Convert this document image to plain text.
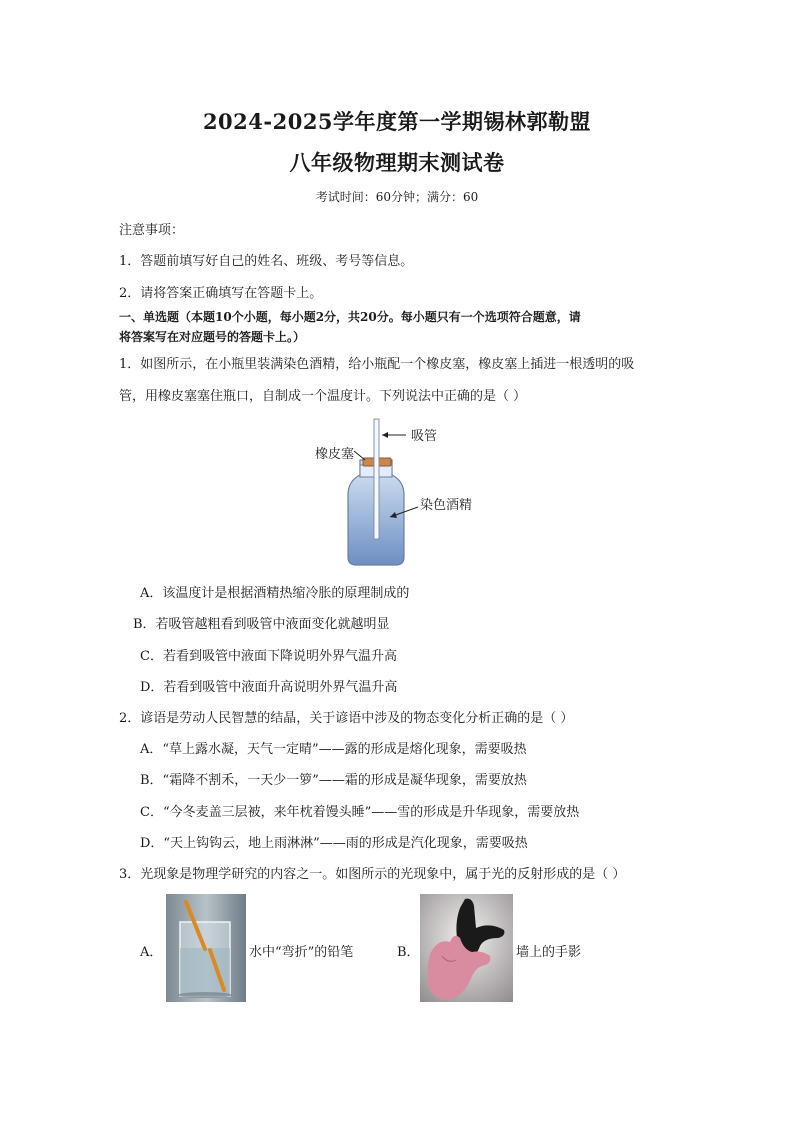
2024-2025学年度第一学期锡林郭勒盟
八年级物理期末测试卷
考试时间：60分钟；满分：60
注意事项：
1．答题前填写好自己的姓名、班级、考号等信息。
2．请将答案正确填写在答题卡上。
一、单选题（本题10个小题，每小题2分，共20分。每小题只有一个选项符合题意，请
将答案写在对应题号的答题卡上。）
1．如图所示，在小瓶里装满染色酒精，给小瓶配一个橡皮塞，橡皮塞上插进一根透明的吸
管，用橡皮塞塞住瓶口，自制成一个温度计。下列说法中正确的是（ ）
吸管
橡皮塞
染色酒精
A．该温度计是根据酒精热缩冷胀的原理制成的
B．若吸管越粗看到吸管中液面变化就越明显
C．若看到吸管中液面下降说明外界气温升高
D．若看到吸管中液面升高说明外界气温升高
2．谚语是劳动人民智慧的结晶，关于谚语中涉及的物态变化分析正确的是（ ）
A．“草上露水凝，天气一定晴”——露的形成是熔化现象，需要吸热
B．“霜降不割禾，一天少一箩”——霜的形成是凝华现象，需要放热
C．“今冬麦盖三层被，来年枕着馒头睡”——雪的形成是升华现象，需要放热
D．“天上钩钩云，地上雨淋淋”——雨的形成是汽化现象，需要吸热
3．光现象是物理学研究的内容之一。如图所示的光现象中，属于光的反射形成的是（ ）
A．	水中“弯折”的铅笔	B．	墙上的手影
